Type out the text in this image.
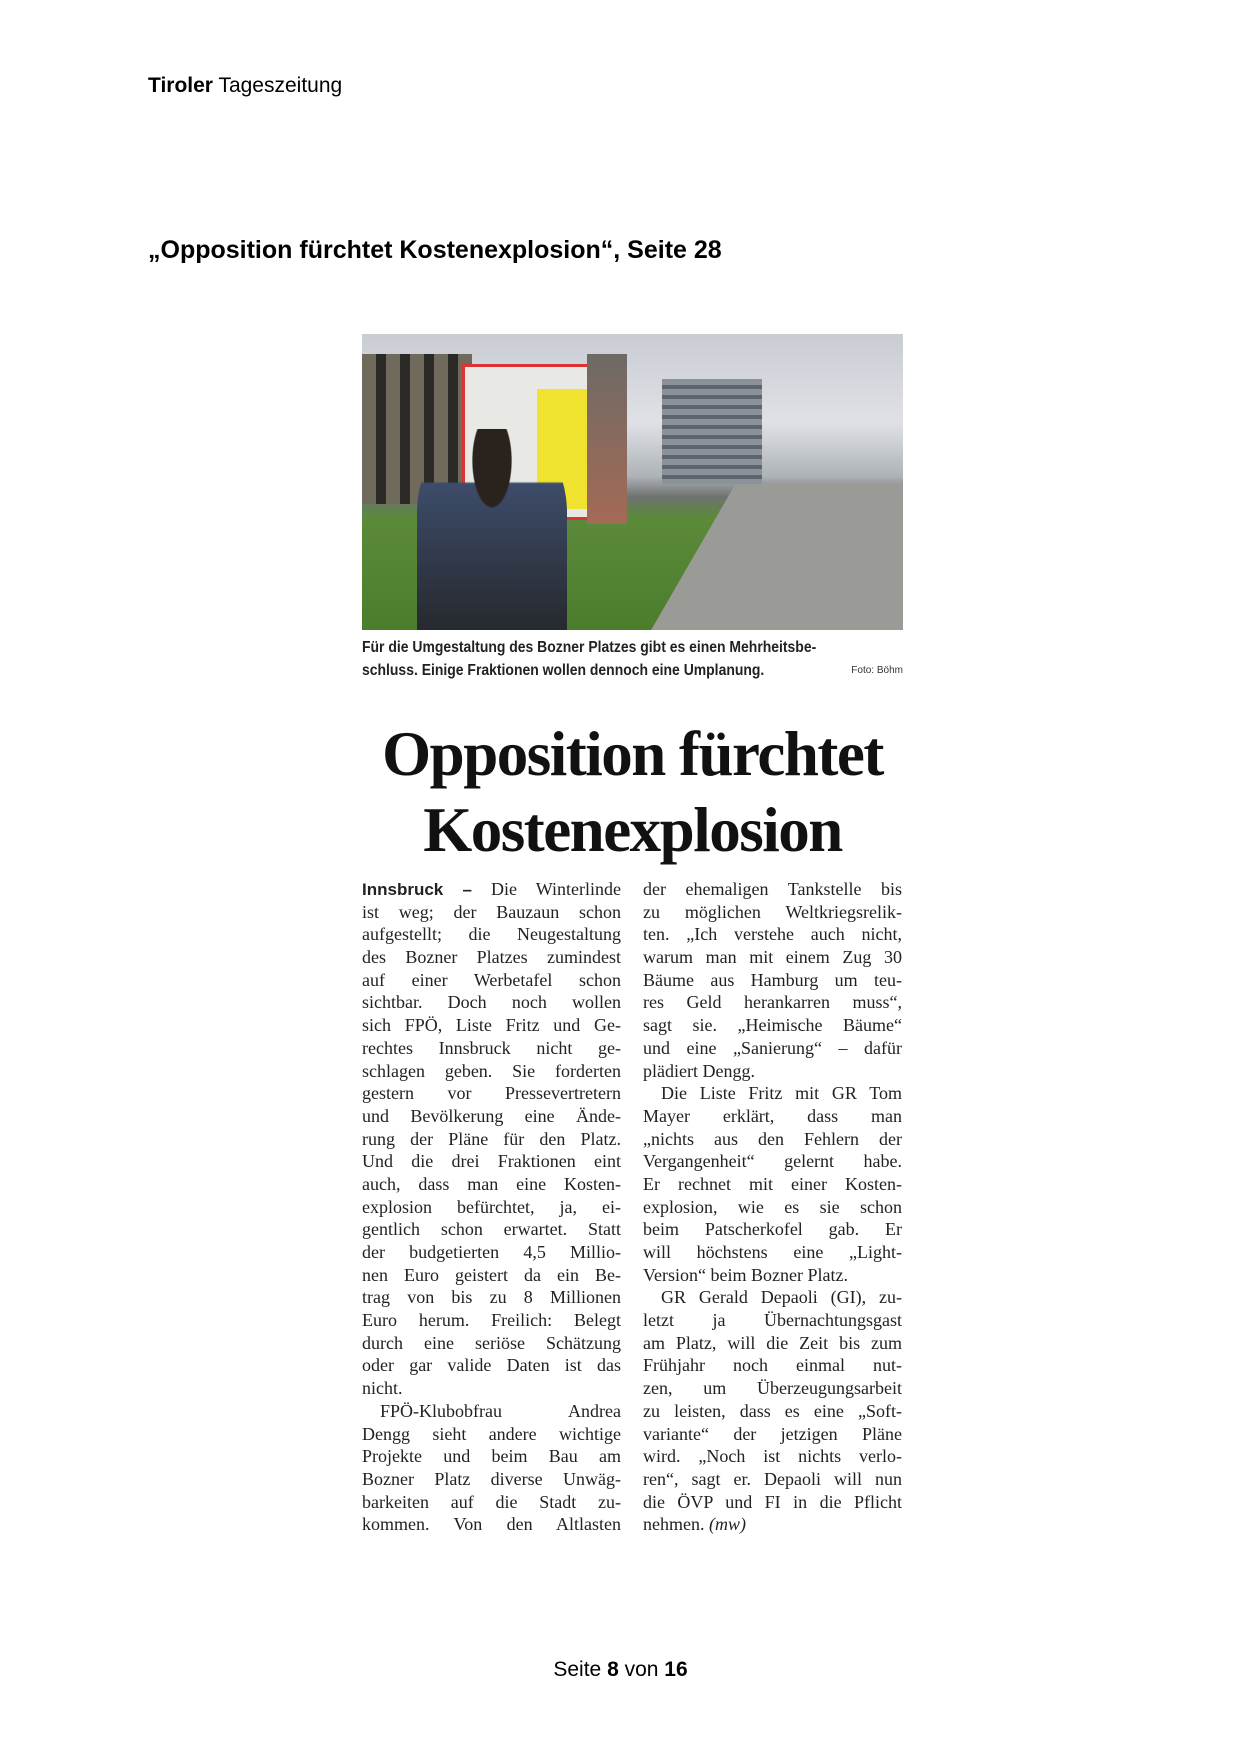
Tiroler Tageszeitung
„Opposition fürchtet Kostenexplosion“, Seite 28
Für die Umgestaltung des Bozner Platzes gibt es einen Mehrheitsbe-
schluss. Einige Fraktionen wollen dennoch eine Umplanung.	Foto: Böhm
Opposition fürchtet
Kostenexplosion
Innsbruck – Die Winterlinde
ist weg; der Bauzaun schon
aufgestellt; die Neugestaltung
des Bozner Platzes zumindest
auf einer Werbetafel schon
sichtbar. Doch noch wollen
sich FPÖ, Liste Fritz und Ge-
rechtes Innsbruck nicht ge-
schlagen geben. Sie forderten
gestern vor Pressevertretern
und Bevölkerung eine Ände-
rung der Pläne für den Platz.
Und die drei Fraktionen eint
auch, dass man eine Kosten-
explosion befürchtet, ja, ei-
gentlich schon erwartet. Statt
der budgetierten 4,5 Millio-
nen Euro geistert da ein Be-
trag von bis zu 8 Millionen
Euro herum. Freilich: Belegt
durch eine seriöse Schätzung
oder gar valide Daten ist das
nicht.
FPÖ-Klubobfrau Andrea
Dengg sieht andere wichtige
Projekte und beim Bau am
Bozner Platz diverse Unwäg-
barkeiten auf die Stadt zu-
kommen. Von den Altlasten
der ehemaligen Tankstelle bis
zu möglichen Weltkriegsrelik-
ten. „Ich verstehe auch nicht,
warum man mit einem Zug 30
Bäume aus Hamburg um teu-
res Geld herankarren muss“,
sagt sie. „Heimische Bäume“
und eine „Sanierung“ – dafür
plädiert Dengg.
Die Liste Fritz mit GR Tom
Mayer erklärt, dass man
„nichts aus den Fehlern der
Vergangenheit“ gelernt habe.
Er rechnet mit einer Kosten-
explosion, wie es sie schon
beim Patscherkofel gab. Er
will höchstens eine „Light-
Version“ beim Bozner Platz.
GR Gerald Depaoli (GI), zu-
letzt ja Übernachtungsgast
am Platz, will die Zeit bis zum
Frühjahr noch einmal nut-
zen, um Überzeugungsarbeit
zu leisten, dass es eine „Soft-
variante“ der jetzigen Pläne
wird. „Noch ist nichts verlo-
ren“, sagt er. Depaoli will nun
die ÖVP und FI in die Pflicht
nehmen. (mw)
Seite 8 von 16
